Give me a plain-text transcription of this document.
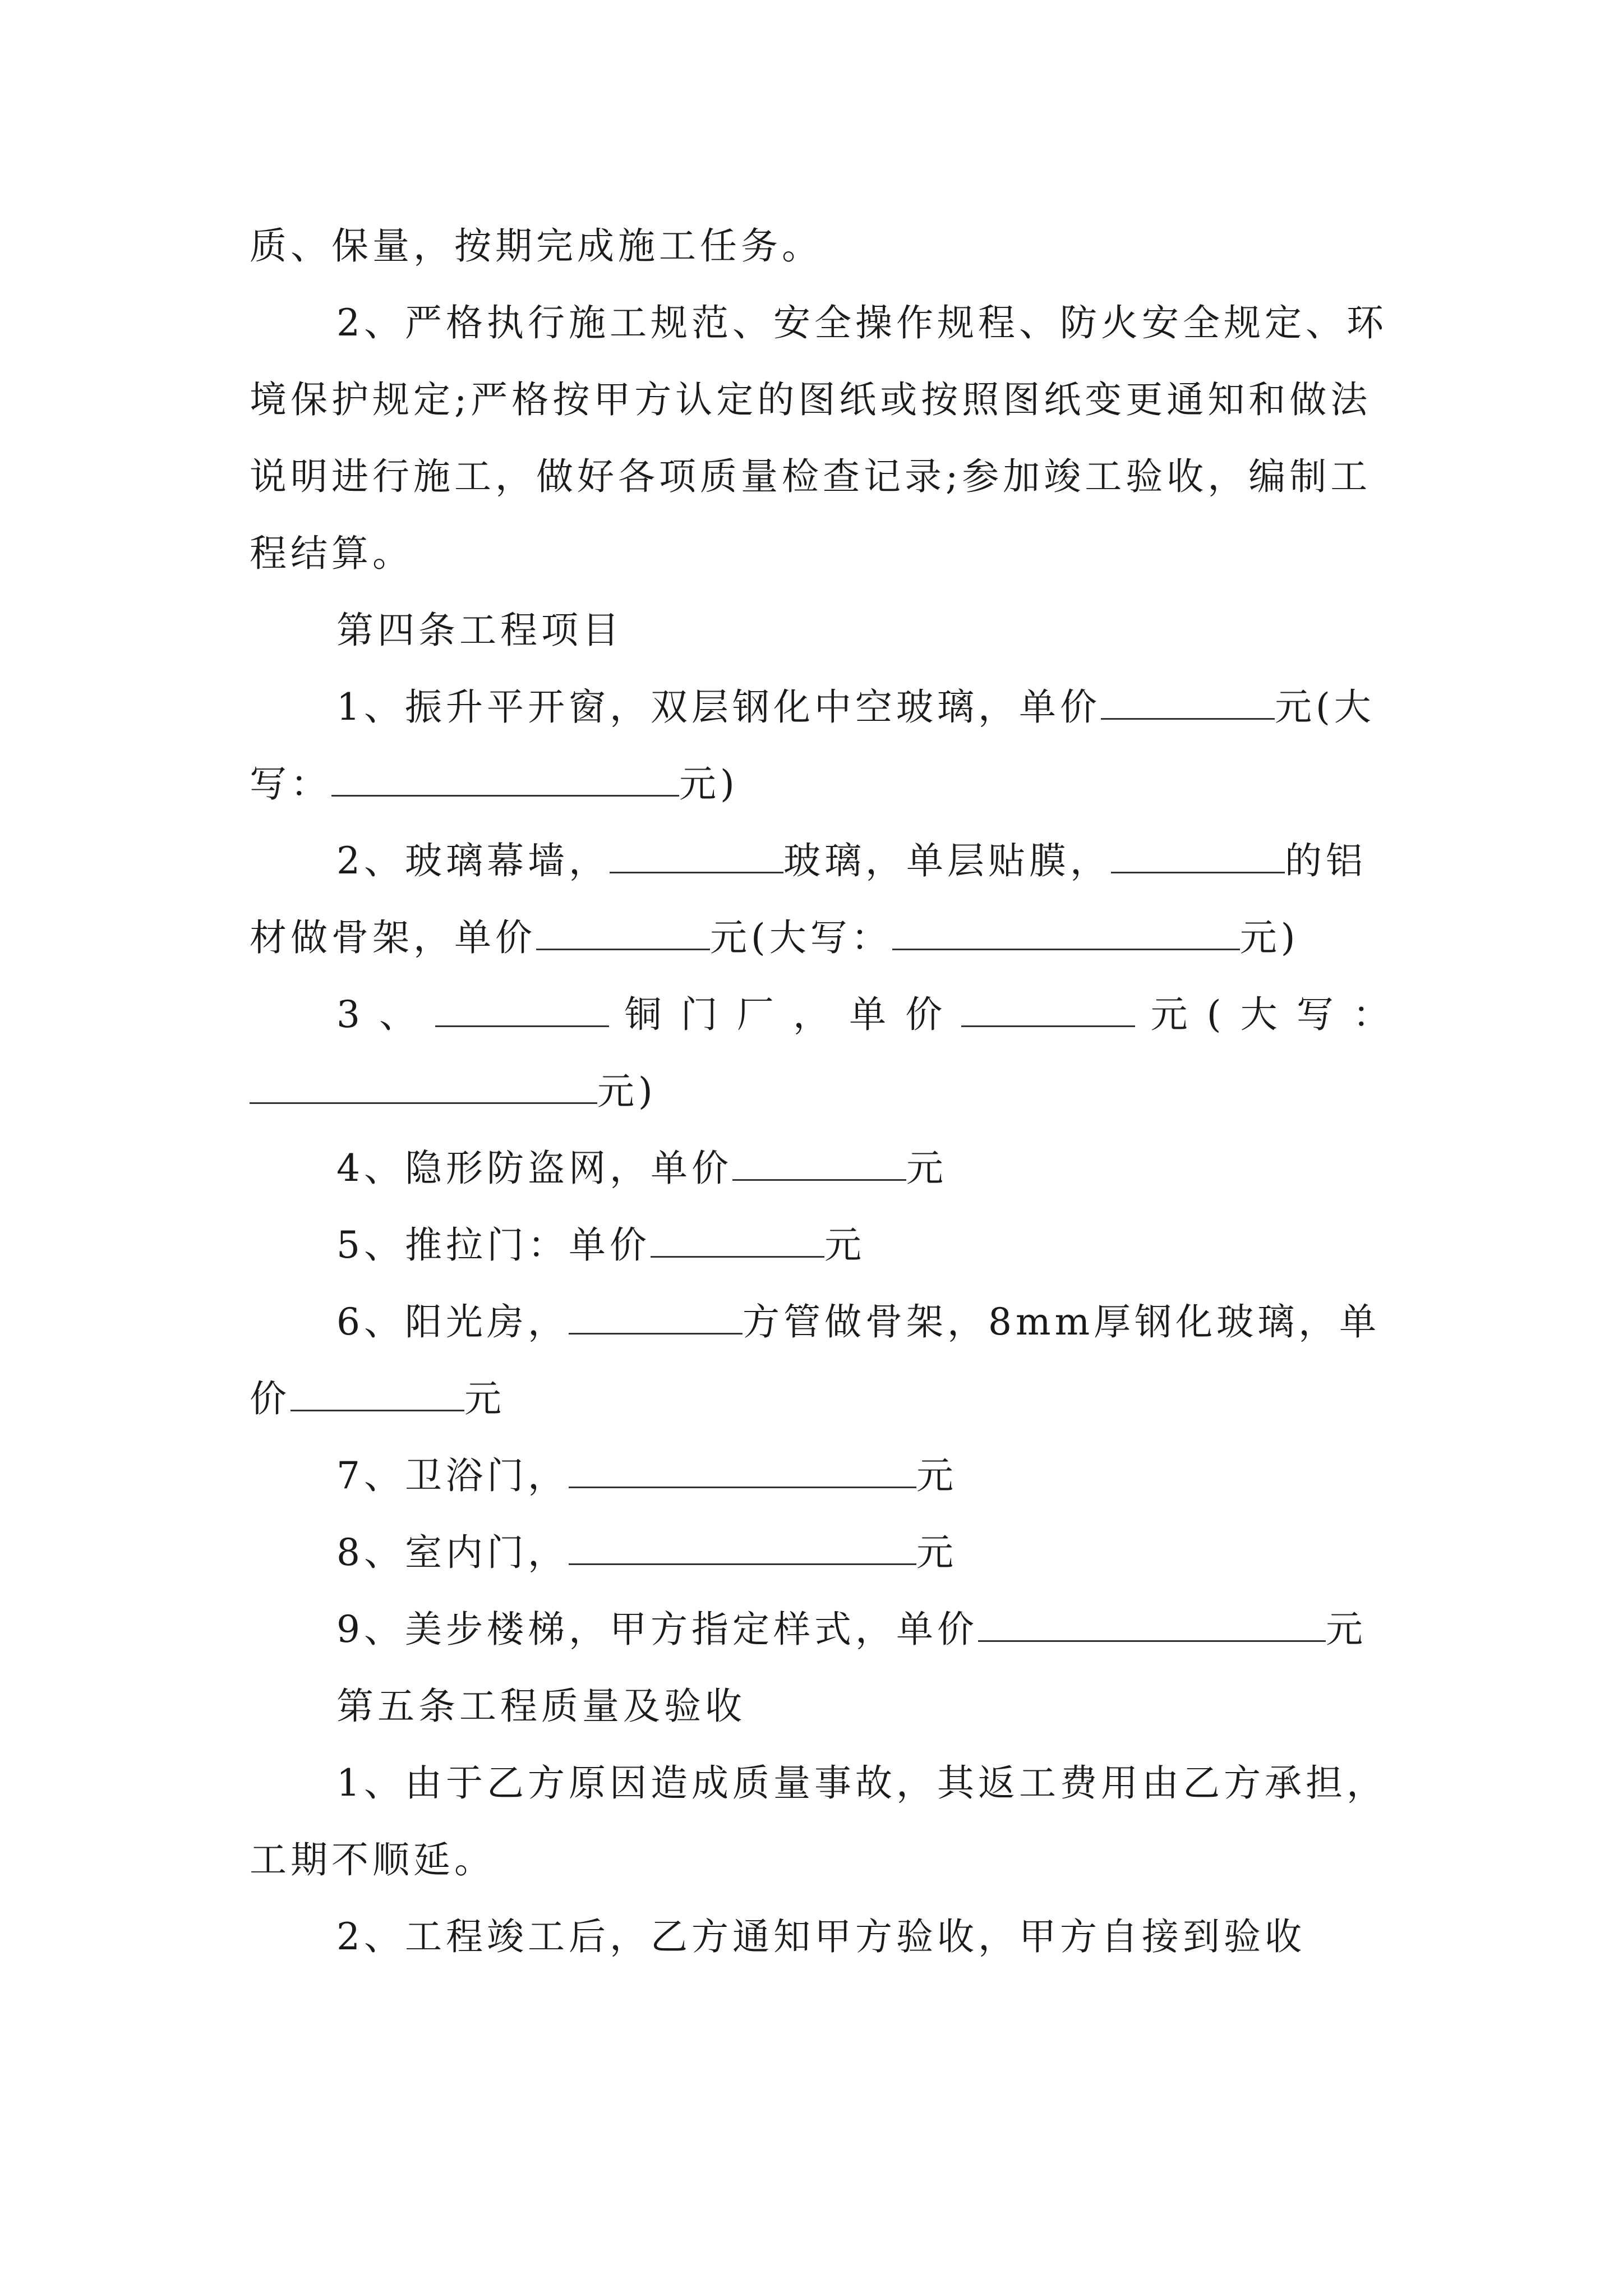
质、保量，按期完成施工任务。

2、严格执行施工规范、安全操作规程、防火安全规定、环境保护规定;严格按甲方认定的图纸或按照图纸变更通知和做法说明进行施工，做好各项质量检查记录;参加竣工验收，编制工程结算。

第四条工程项目

1、振升平开窗，双层钢化中空玻璃，单价	元(大写：	元)

2、玻璃幕墙，	玻璃，单层贴膜，	的铝材做骨架，单价	元(大写：	元)

3、	铜门厂，单价	元(大写：

元)

4、隐形防盗网，单价	元

5、推拉门：单价	元

6、阳光房，	方管做骨架，8mm厚钢化玻璃，单价	元

7、卫浴门，	元

8、室内门，	元

9、美步楼梯，甲方指定样式，单价	元

第五条工程质量及验收

1、由于乙方原因造成质量事故，其返工费用由乙方承担，工期不顺延。

2、工程竣工后，乙方通知甲方验收，甲方自接到验收
